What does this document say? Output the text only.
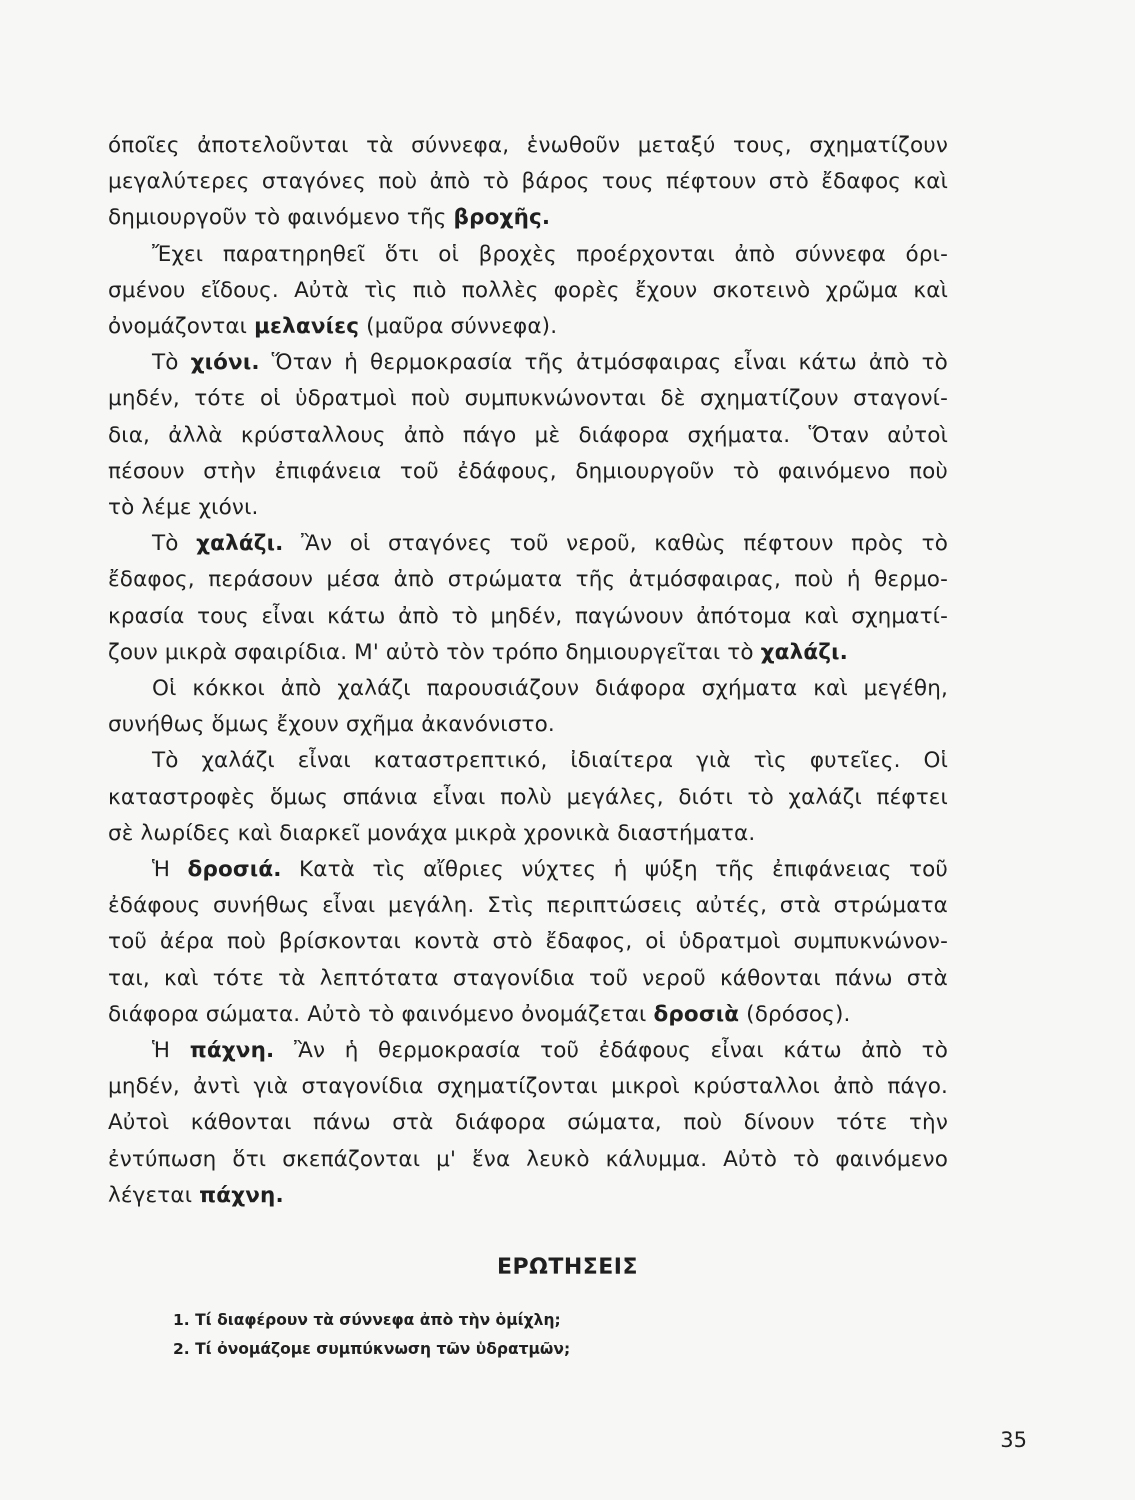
όποῖες ἀποτελοῦνται τὰ σύννεφα, ἑνωθοῦν μεταξύ τους, σχηματίζουν
μεγαλύτερες σταγόνες ποὺ ἀπὸ τὸ βάρος τους πέφτουν στὸ ἔδαφος καὶ
δημιουργοῦν τὸ φαινόμενο τῆς βροχῆς.

Ἔχει παρατηρηθεῖ ὅτι οἱ βροχὲς προέρχονται ἀπὸ σύννεφα όρι-
σμένου εἴδους. Αὐτὰ τὶς πιὸ πολλὲς φορὲς ἔχουν σκοτεινὸ χρῶμα καὶ
ὀνομάζονται μελανίες (μαῦρα σύννεφα).

Τὸ χιόνι. Ὅταν ἡ θερμοκρασία τῆς ἀτμόσφαιρας εἶναι κάτω ἀπὸ τὸ
μηδέν, τότε οἱ ὑδρατμοὶ ποὺ συμπυκνώνονται δὲ σχηματίζουν σταγονί-
δια, ἀλλὰ κρύσταλλους ἀπὸ πάγο μὲ διάφορα σχήματα. Ὅταν αὐτοὶ
πέσουν στὴν ἐπιφάνεια τοῦ ἐδάφους, δημιουργοῦν τὸ φαινόμενο ποὺ
τὸ λέμε χιόνι.

Τὸ χαλάζι. Ἂν οἱ σταγόνες τοῦ νεροῦ, καθὼς πέφτουν πρὸς τὸ
ἔδαφος, περάσουν μέσα ἀπὸ στρώματα τῆς ἀτμόσφαιρας, ποὺ ἡ θερμο-
κρασία τους εἶναι κάτω ἀπὸ τὸ μηδέν, παγώνουν ἀπότομα καὶ σχηματί-
ζουν μικρὰ σφαιρίδια. Μ' αὐτὸ τὸν τρόπο δημιουργεῖται τὸ χαλάζι.

Οἱ κόκκοι ἀπὸ χαλάζι παρουσιάζουν διάφορα σχήματα καὶ μεγέθη,
συνήθως ὅμως ἔχουν σχῆμα ἀκανόνιστο.

Τὸ χαλάζι εἶναι καταστρεπτικό, ἰδιαίτερα γιὰ τὶς φυτεῖες. Οἱ
καταστροφὲς ὅμως σπάνια εἶναι πολὺ μεγάλες, διότι τὸ χαλάζι πέφτει
σὲ λωρίδες καὶ διαρκεῖ μονάχα μικρὰ χρονικὰ διαστήματα.

Ἡ δροσιά. Κατὰ τὶς αἴθριες νύχτες ἡ ψύξη τῆς ἐπιφάνειας τοῦ
ἐδάφους συνήθως εἶναι μεγάλη. Στὶς περιπτώσεις αὐτές, στὰ στρώματα
τοῦ ἀέρα ποὺ βρίσκονται κοντὰ στὸ ἔδαφος, οἱ ὑδρατμοὶ συμπυκνώνον-
ται, καὶ τότε τὰ λεπτότατα σταγονίδια τοῦ νεροῦ κάθονται πάνω στὰ
διάφορα σώματα. Αὐτὸ τὸ φαινόμενο ὀνομάζεται δροσιὰ (δρόσος).

Ἡ πάχνη. Ἂν ἡ θερμοκρασία τοῦ ἐδάφους εἶναι κάτω ἀπὸ τὸ
μηδέν, ἀντὶ γιὰ σταγονίδια σχηματίζονται μικροὶ κρύσταλλοι ἀπὸ πάγο.
Αὐτοὶ κάθονται πάνω στὰ διάφορα σώματα, ποὺ δίνουν τότε τὴν
ἐντύπωση ὅτι σκεπάζονται μ' ἕνα λευκὸ κάλυμμα. Αὐτὸ τὸ φαινόμενο
λέγεται πάχνη.

ΕΡΩΤΗΣΕΙΣ
1. Τί διαφέρουν τὰ σύννεφα ἀπὸ τὴν ὁμίχλη;
2. Τί ὀνομάζομε συμπύκνωση τῶν ὑδρατμῶν;
35
